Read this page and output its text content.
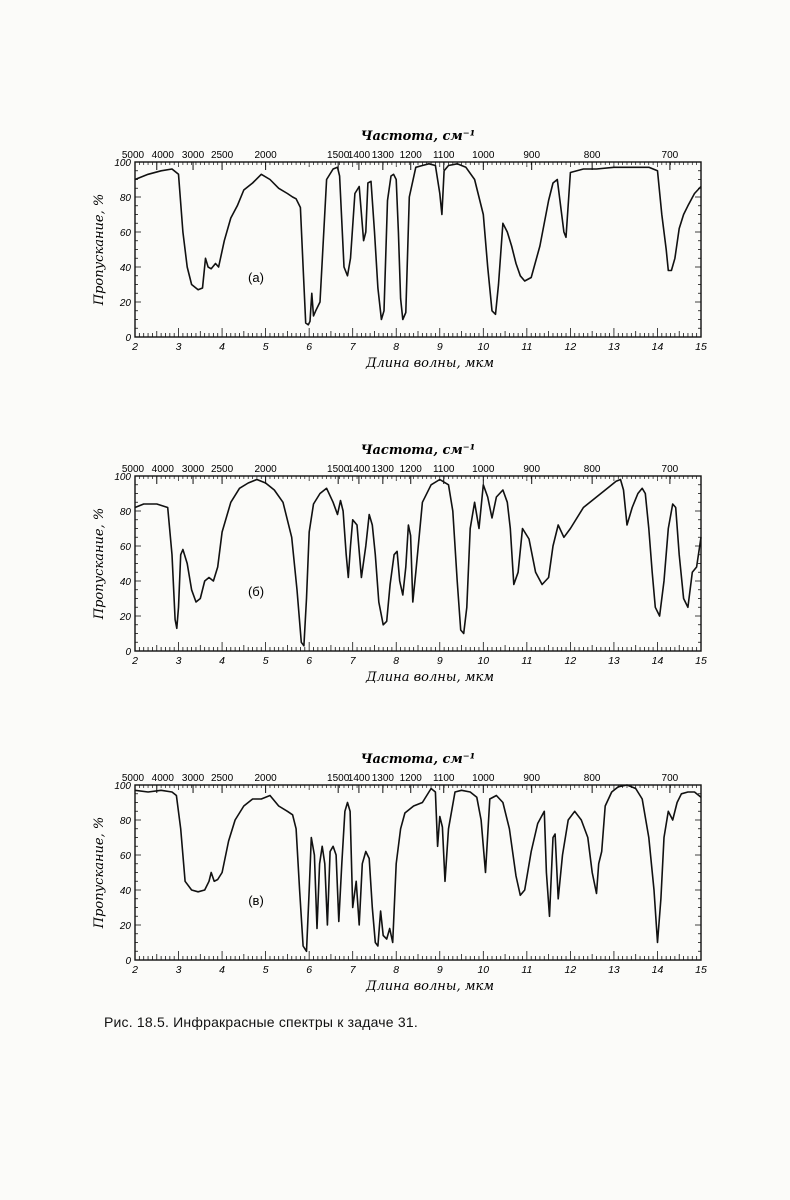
2	3	4	5	6	7	8	9	10	11	12	13	14	15
0
20
40
60
80
100
5000 4000 3000 2500 2000	1500
1400 1300 1200 1100 1000	900	800	700
Частота, см⁻¹
Длина волны, мкм
Пропускание, %	(а)
2	3	4	5	6	7	8	9	10	11	12	13	14	15
0
20
40
60
80
100
5000 4000 3000 2500 2000	1500
1400 1300 1200 1100 1000	900	800	700
Частота, см⁻¹
Длина волны, мкм
Пропускание, %	(б)
2	3	4	5	6	7	8	9	10	11	12	13	14	15
0
20
40
60
80
100
5000 4000 3000 2500 2000	1500
1400 1300 1200 1100 1000	900	800	700
Частота, см⁻¹
Длина волны, мкм
Пропускание, %	(в)
Рис. 18.5. Инфракрасные спектры к задаче 31.
